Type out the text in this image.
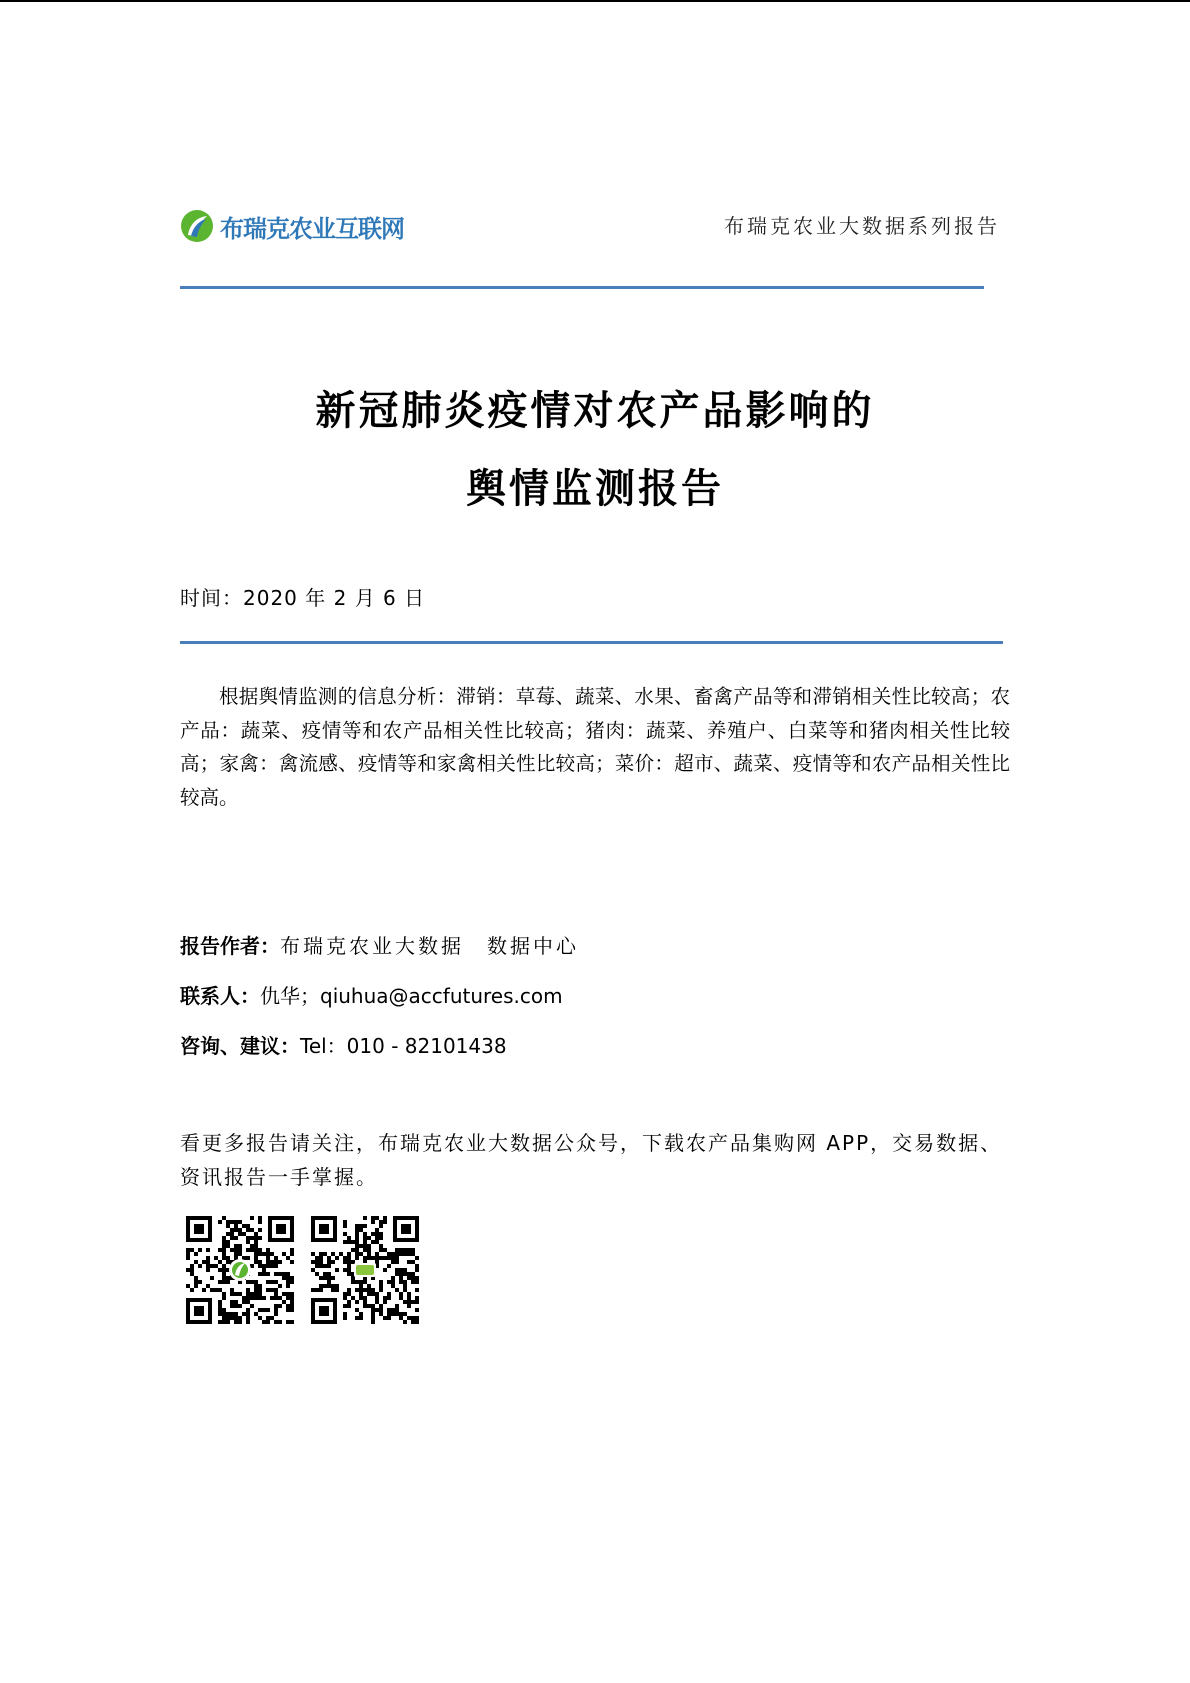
布瑞克农业互联网	布瑞克农业大数据系列报告
新冠肺炎疫情对农产品影响的
舆情监测报告
时间：2020 年 2 月 6 日

根据舆情监测的信息分析：滞销：草莓、蔬菜、水果、畜禽产品等和滞销相关性比较高；农产品：蔬菜、疫情等和农产品相关性比较高；猪肉：蔬菜、养殖户、白菜等和猪肉相关性比较高；家禽：禽流感、疫情等和家禽相关性比较高；菜价：超市、蔬菜、疫情等和农产品相关性比较高。

报告作者：布瑞克农业大数据　数据中心
联系人：仇华；qiuhua@accfutures.com
咨询、建议：Tel：010 - 82101438

看更多报告请关注，布瑞克农业大数据公众号，下载农产品集购网 APP，交易数据、资讯报告一手掌握。
